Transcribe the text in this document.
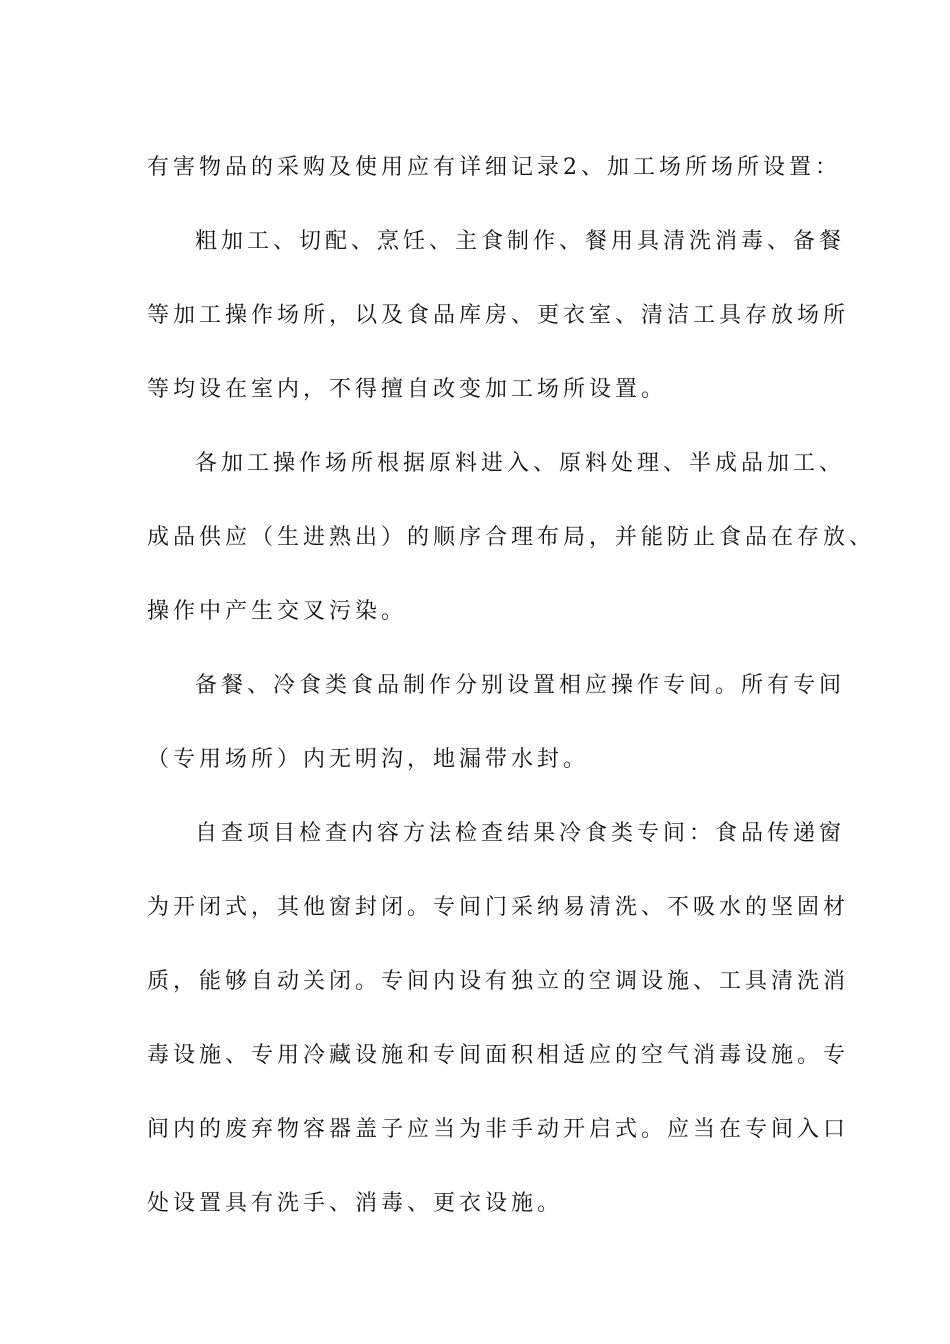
有害物品的采购及使用应有详细记录2、加工场所场所设置：
粗加工、切配、烹饪、主食制作、餐用具清洗消毒、备餐
等加工操作场所，以及食品库房、更衣室、清洁工具存放场所
等均设在室内，不得擅自改变加工场所设置。
各加工操作场所根据原料进入、原料处理、半成品加工、
成品供应（生进熟出）的顺序合理布局，并能防止食品在存放、
操作中产生交叉污染。
备餐、冷食类食品制作分别设置相应操作专间。所有专间
（专用场所）内无明沟，地漏带水封。
自查项目检查内容方法检查结果冷食类专间：食品传递窗
为开闭式，其他窗封闭。专间门采纳易清洗、不吸水的坚固材
质，能够自动关闭。专间内设有独立的空调设施、工具清洗消
毒设施、专用冷藏设施和专间面积相适应的空气消毒设施。专
间内的废弃物容器盖子应当为非手动开启式。应当在专间入口
处设置具有洗手、消毒、更衣设施。
